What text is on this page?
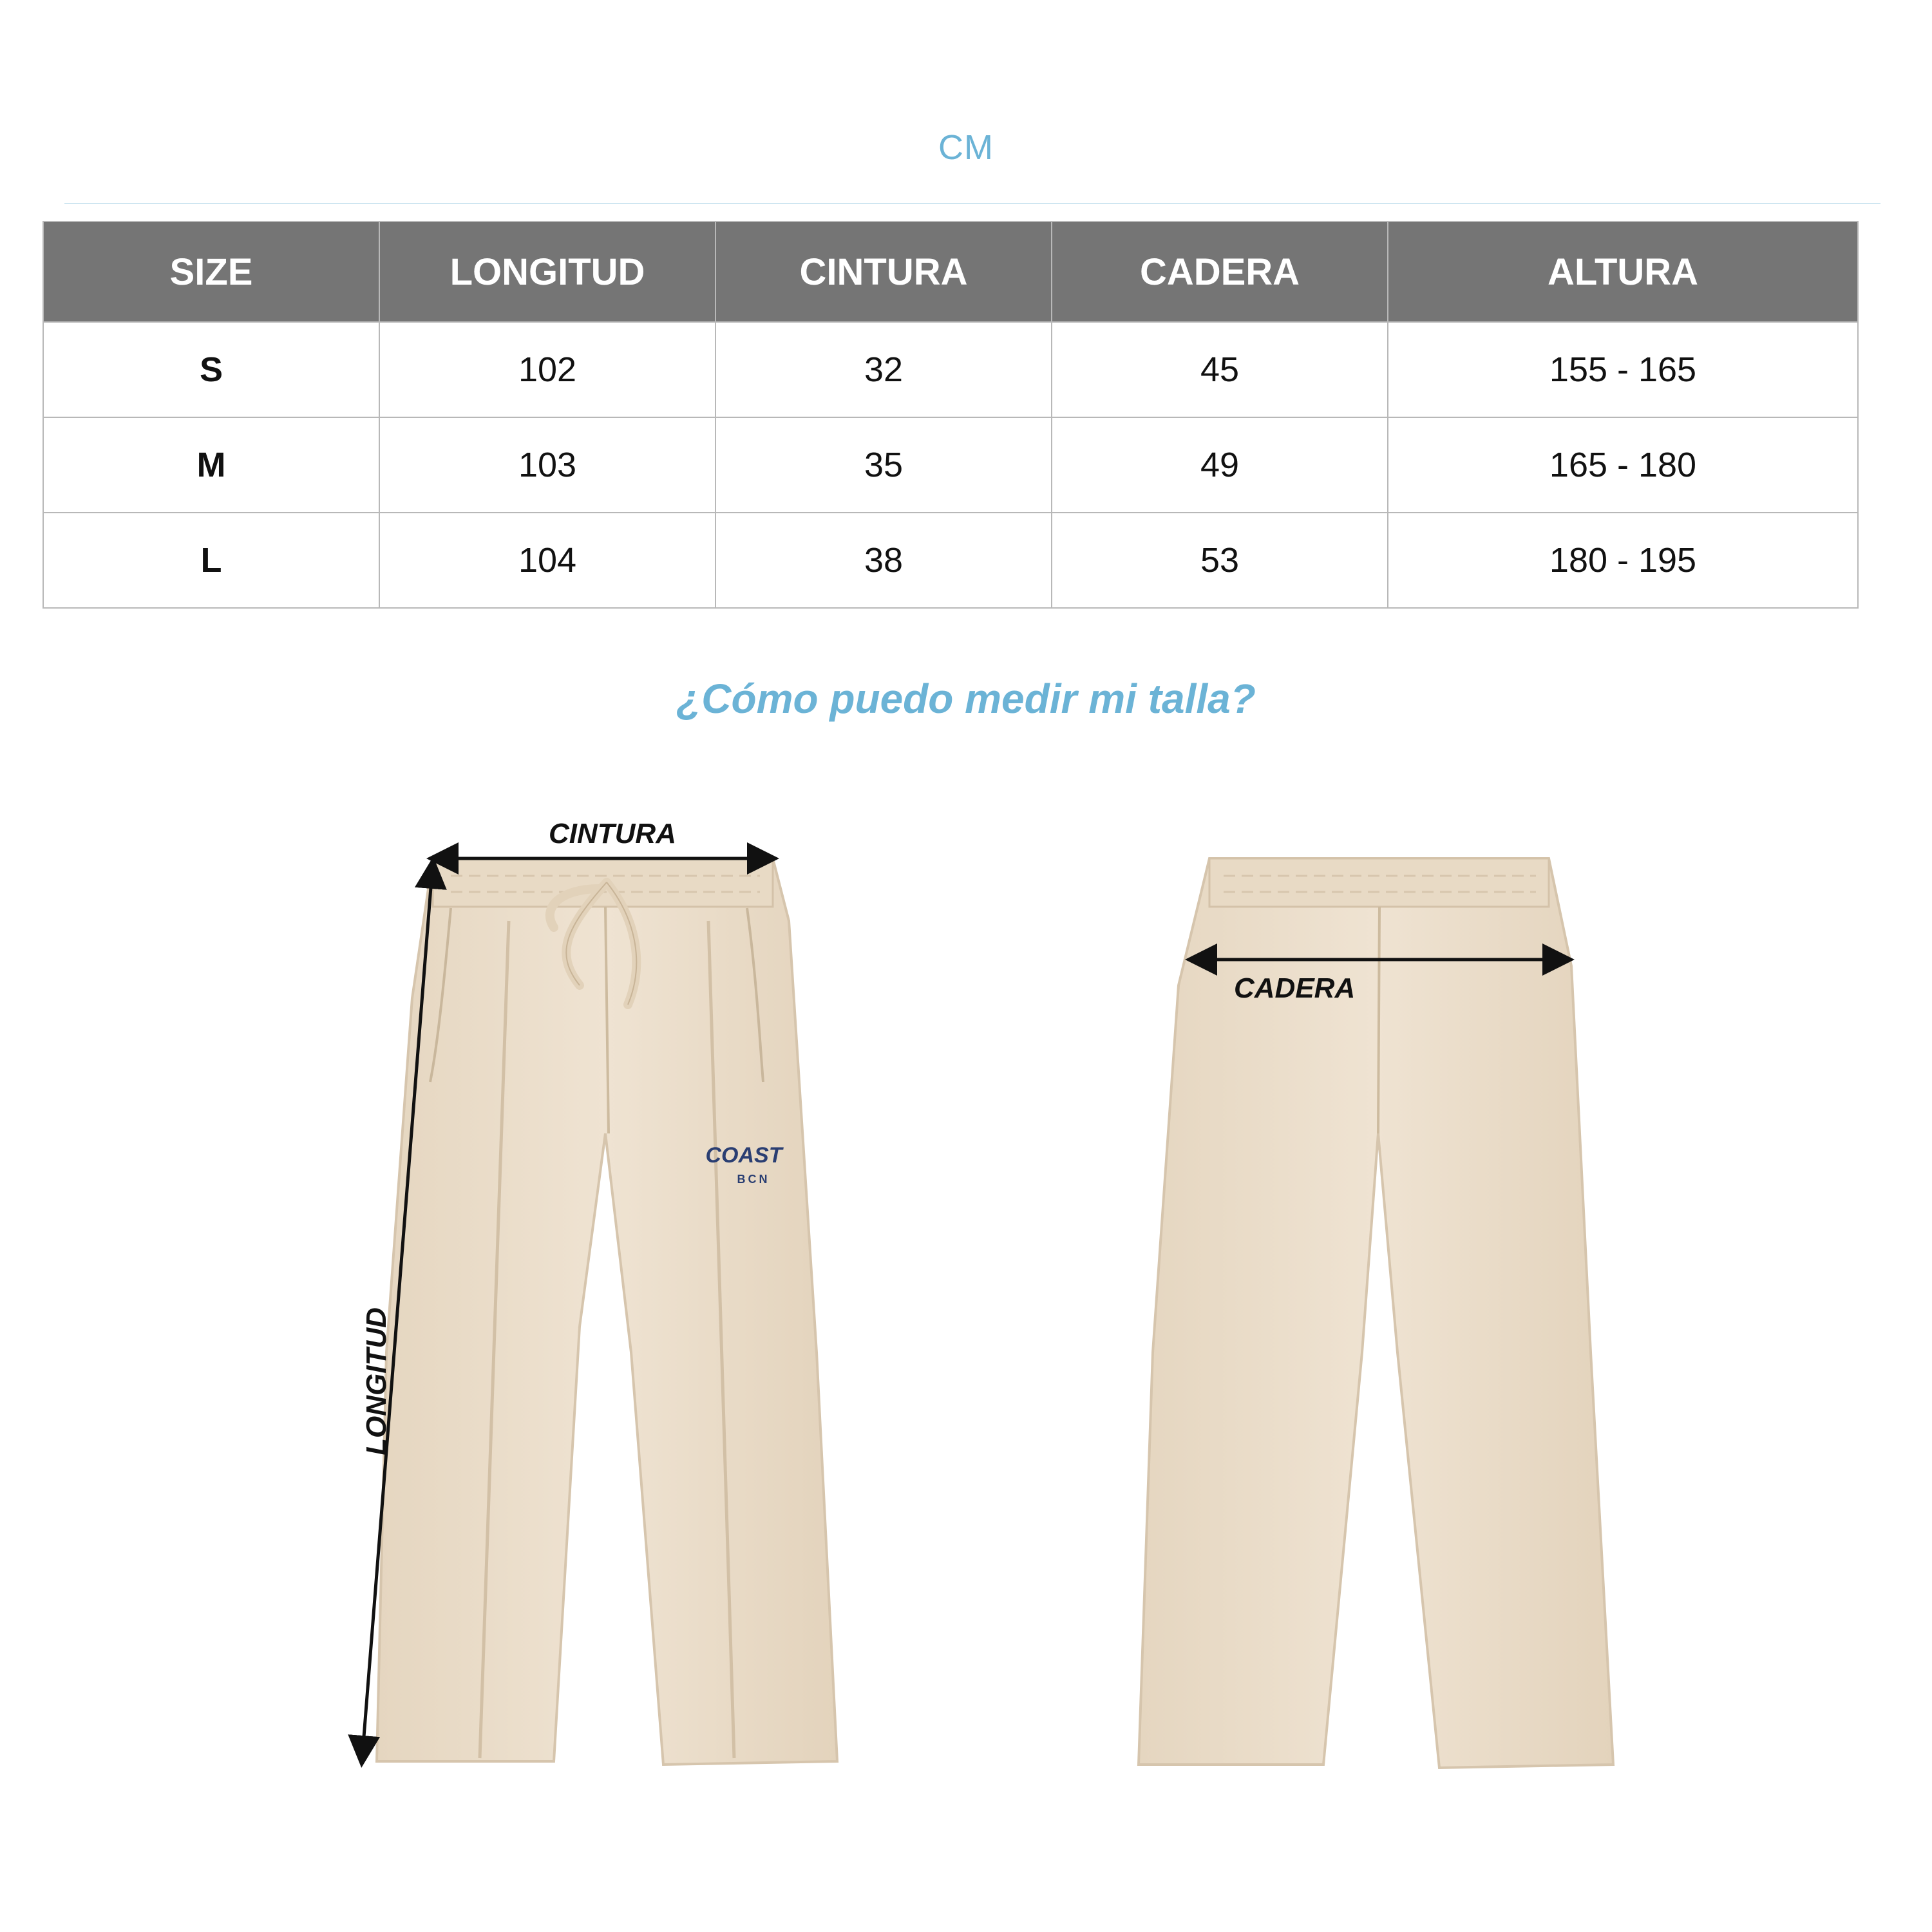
CM
SIZE	LONGITUD	CINTURA	CADERA	ALTURA
S	102	32	45	155 - 165
M	103	35	49	165 - 180
L	104	38	53	180 - 195
¿Cómo puedo medir mi talla?
COAST
BCN
CINTURA
LONGITUD
CADERA
